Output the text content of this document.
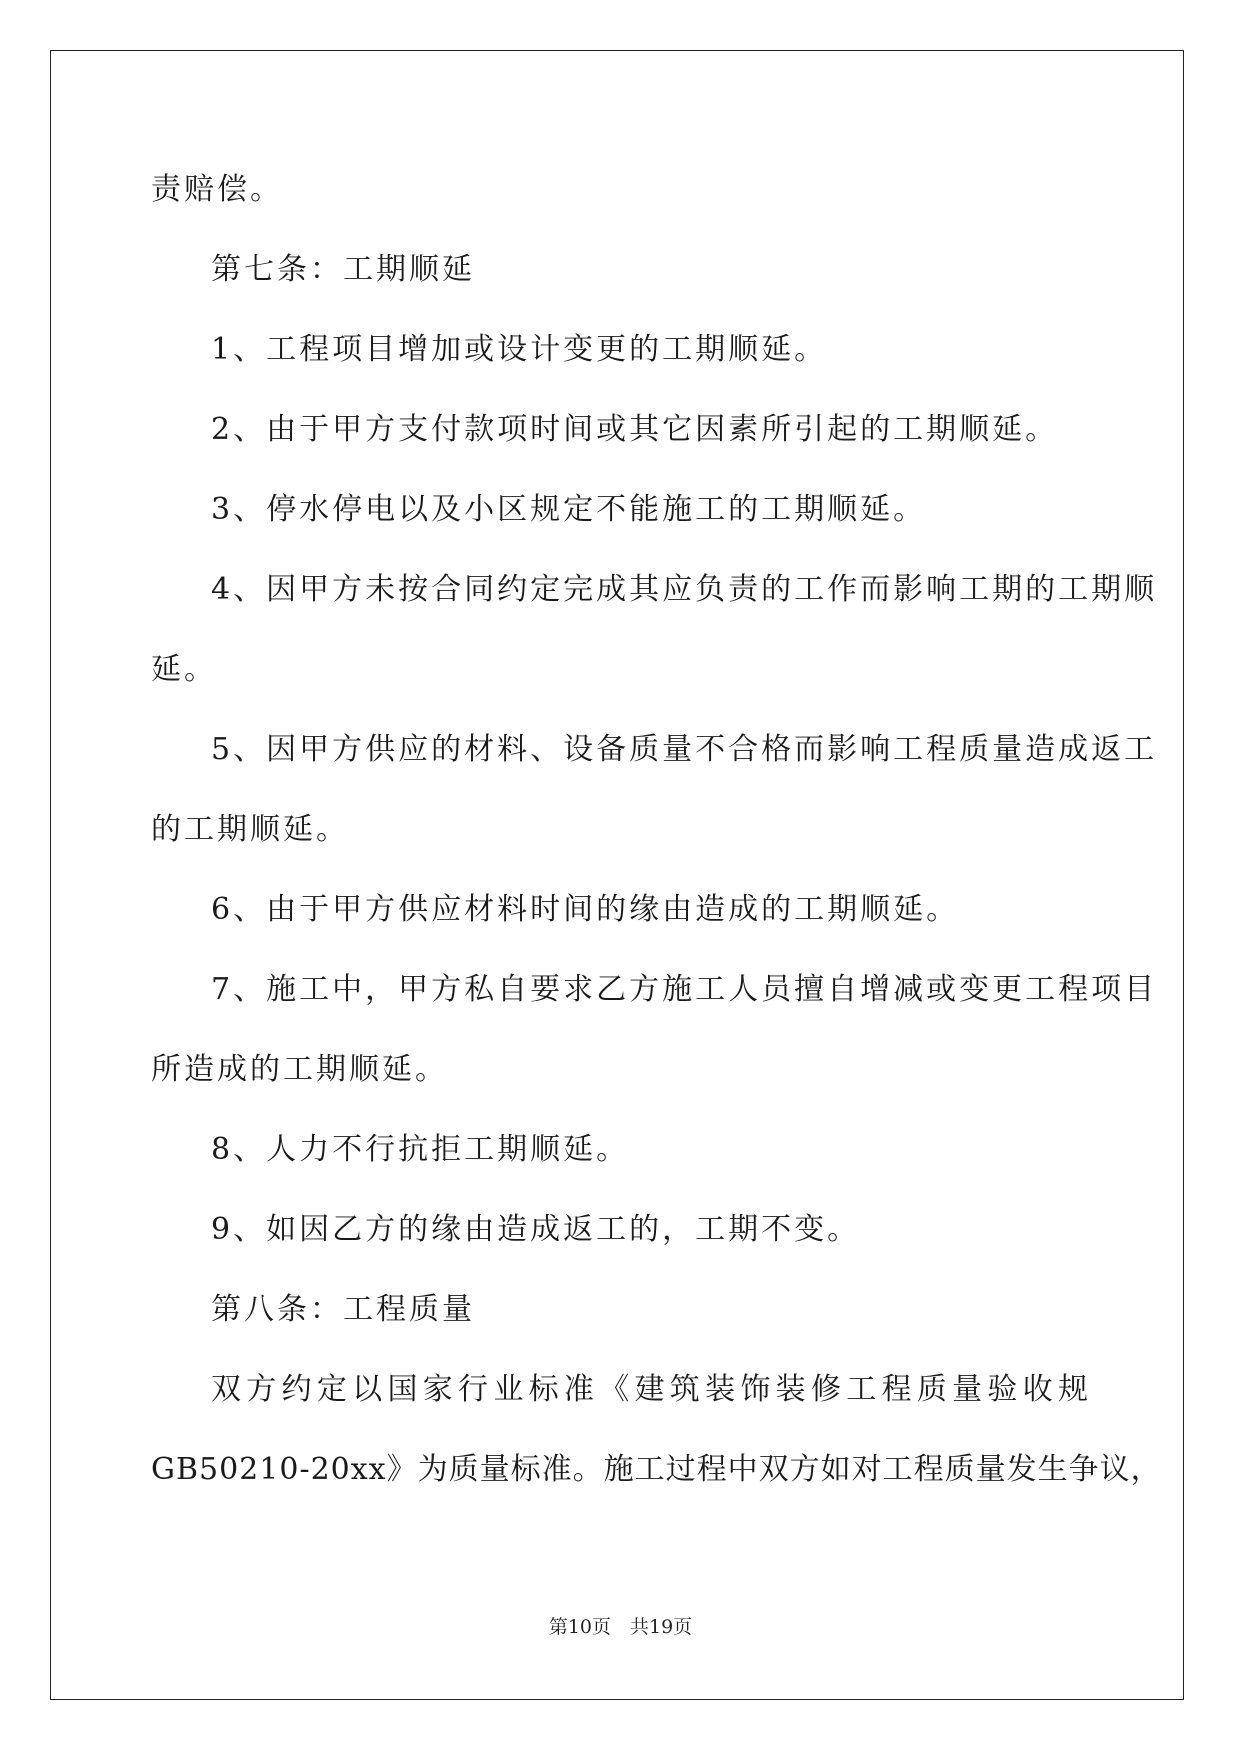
责赔偿。
第七条：工期顺延
1、工程项目增加或设计变更的工期顺延。
2、由于甲方支付款项时间或其它因素所引起的工期顺延。
3、停水停电以及小区规定不能施工的工期顺延。
4、因甲方未按合同约定完成其应负责的工作而影响工期的工期顺
延。
5、因甲方供应的材料、设备质量不合格而影响工程质量造成返工
的工期顺延。
6、由于甲方供应材料时间的缘由造成的工期顺延。
7、施工中，甲方私自要求乙方施工人员擅自增减或变更工程项目
所造成的工期顺延。
8、人力不行抗拒工期顺延。
9、如因乙方的缘由造成返工的，工期不变。
第八条：工程质量
双方约定以国家行业标准《建筑装饰装修工程质量验收规
GB50210-20xx》为质量标准。施工过程中双方如对工程质量发生争议，
第10页　共19页
